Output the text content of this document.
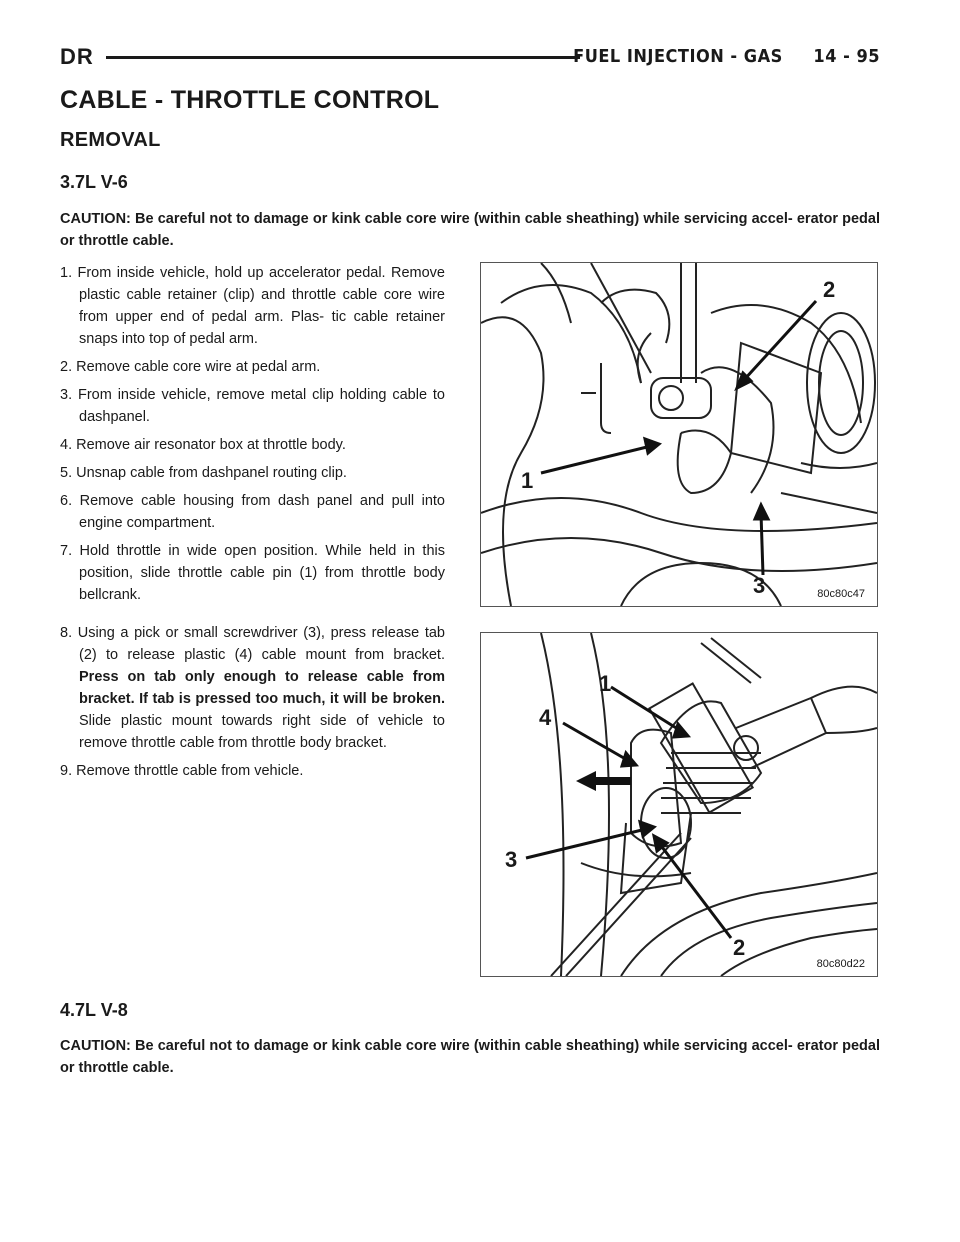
DR	FUEL INJECTION - GAS     14 - 95
CABLE - THROTTLE CONTROL
REMOVAL
3.7L V-6

CAUTION: Be careful not to damage or kink cable core wire (within cable sheathing) while servicing accel- erator pedal or throttle cable.

1. From inside vehicle, hold up accelerator pedal. Remove plastic cable retainer (clip) and throttle cable core wire from upper end of pedal arm. Plas- tic cable retainer snaps into top of pedal arm.
2. Remove cable core wire at pedal arm.
3. From inside vehicle, remove metal clip holding cable to dashpanel.
4. Remove air resonator box at throttle body.
5. Unsnap cable from dashpanel routing clip.
6. Remove cable housing from dash panel and pull into engine compartment.
7. Hold throttle in wide open position. While held in this position, slide throttle cable pin (1) from throttle body bellcrank.
8. Using a pick or small screwdriver (3), press release tab (2) to release plastic (4) cable mount from bracket. Press on tab only enough to release cable from bracket. If tab is pressed too much, it will be broken. Slide plastic mount towards right side of vehicle to remove throttle cable from throttle body bracket.
9. Remove throttle cable from vehicle.
1
2
3	80c80c47
1
4
3
2
80c80d22
4.7L V-8

CAUTION: Be careful not to damage or kink cable core wire (within cable sheathing) while servicing accel- erator pedal or throttle cable.
